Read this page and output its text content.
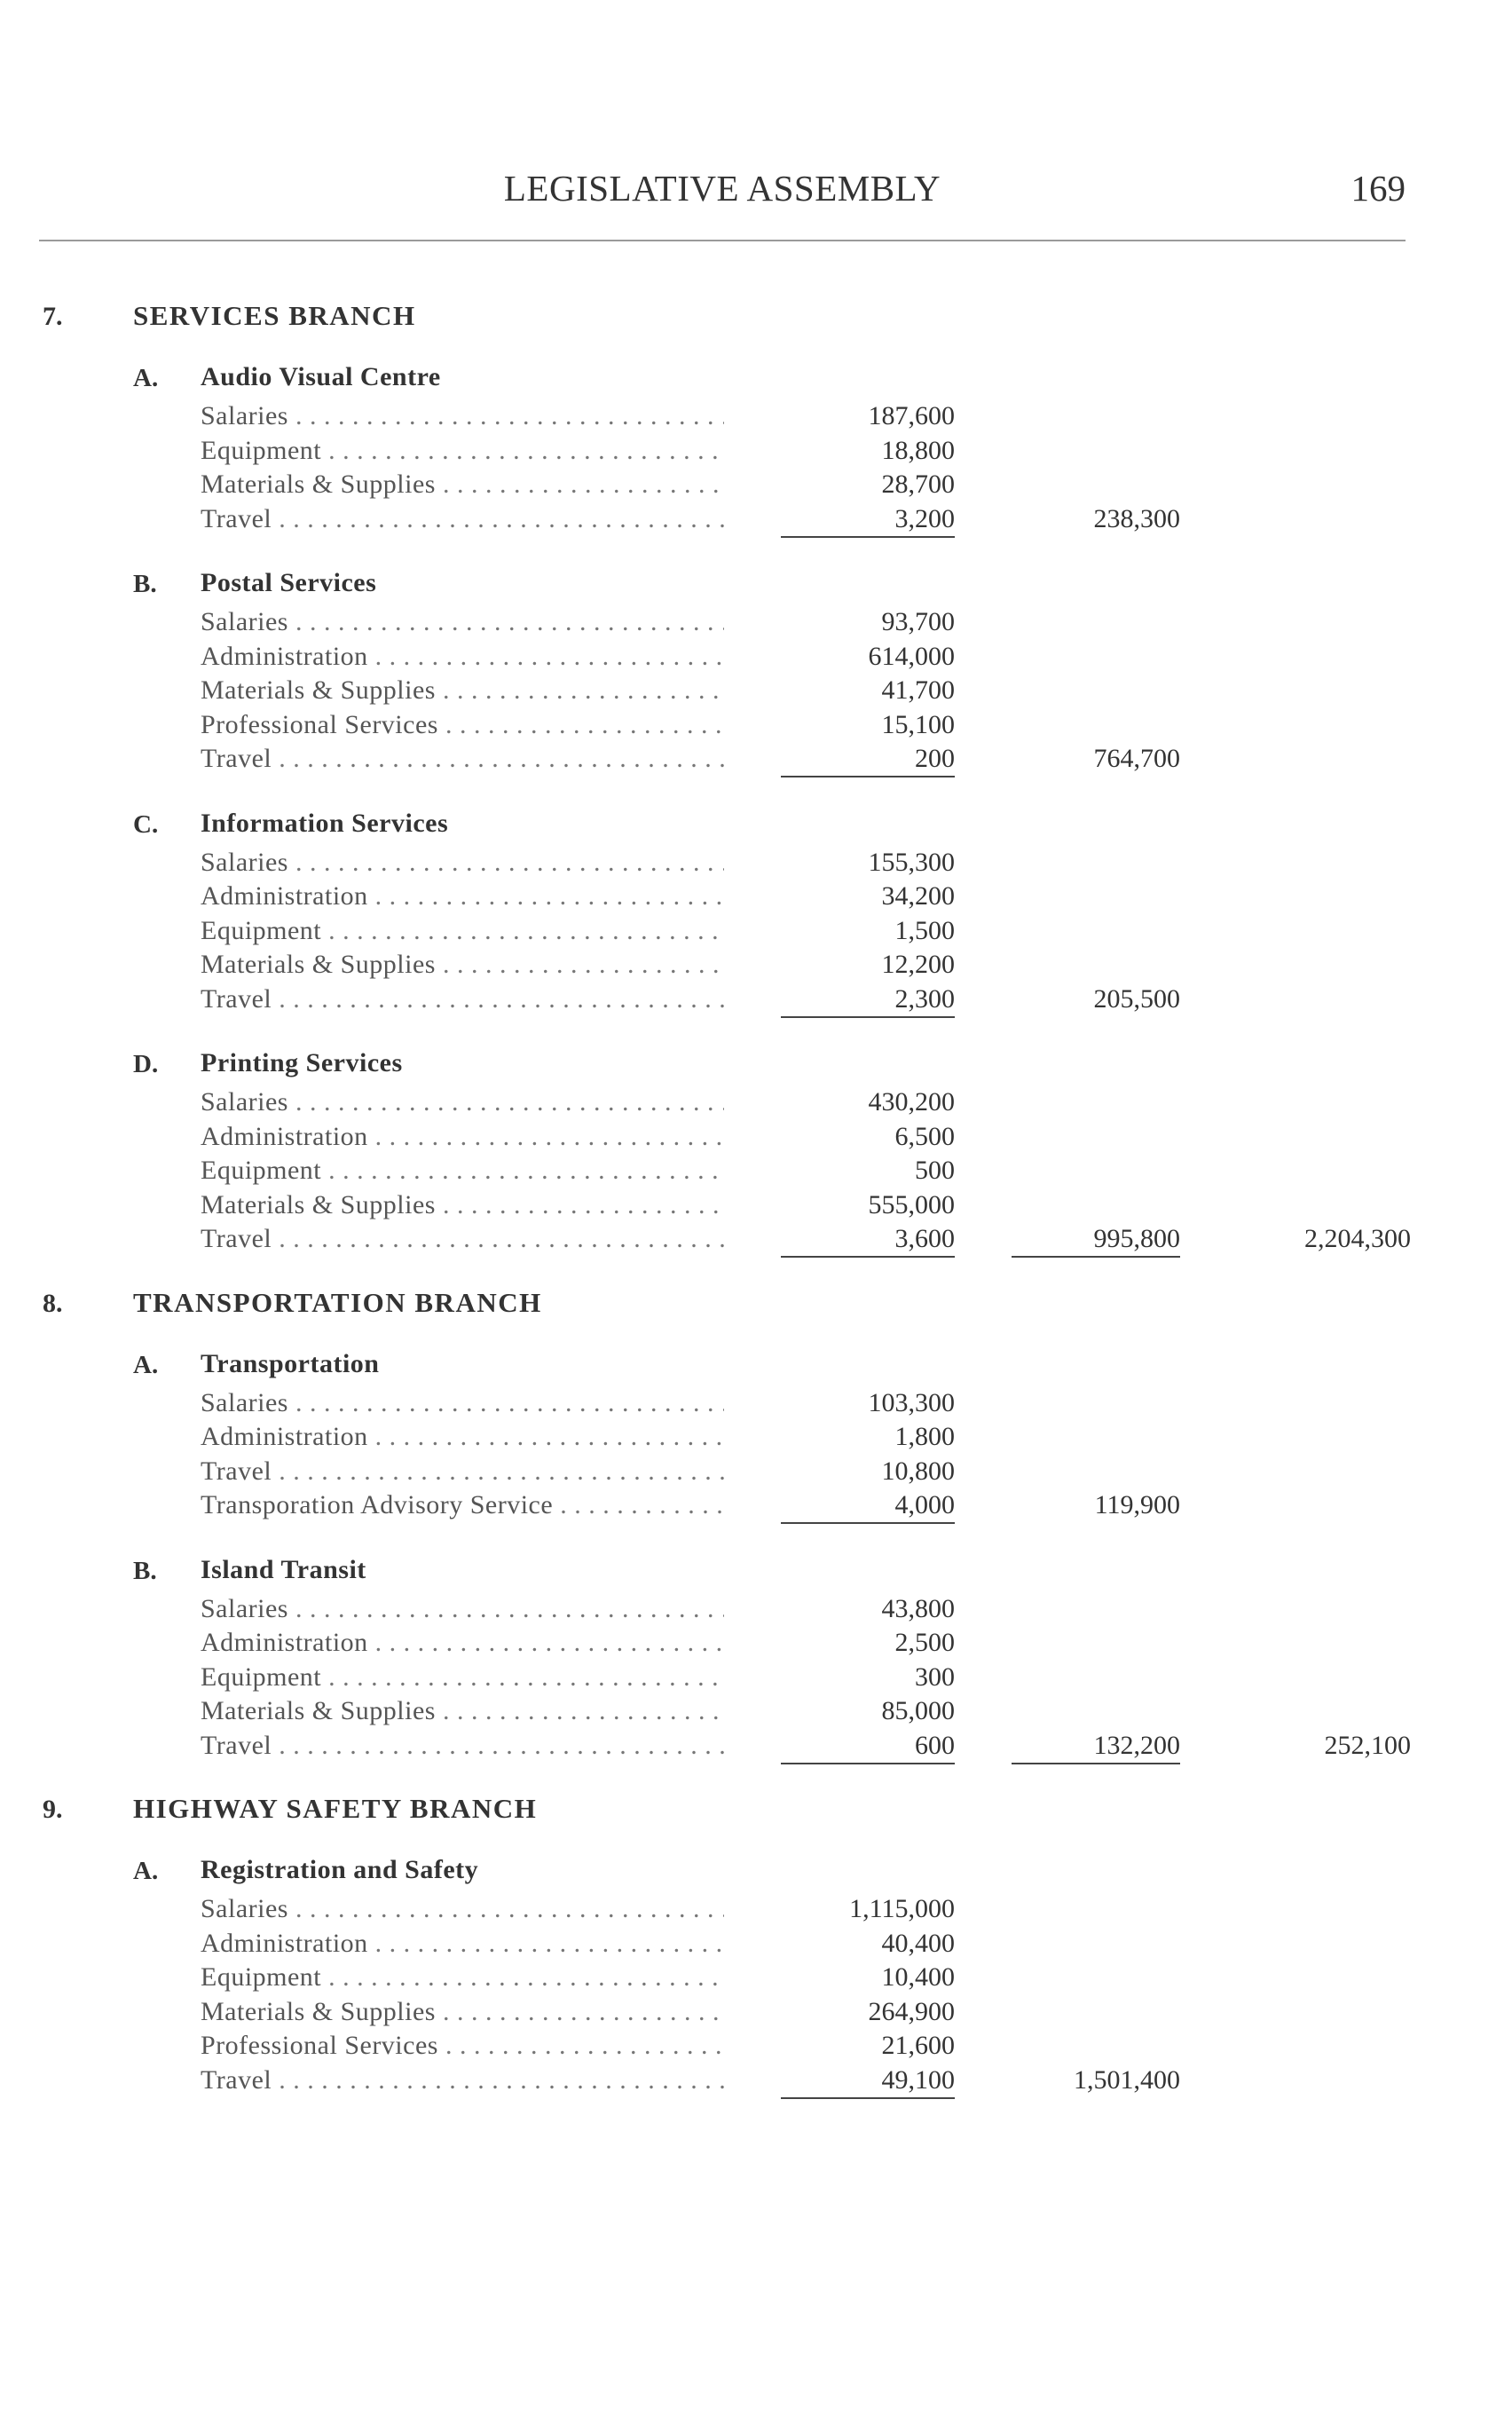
LEGISLATIVE ASSEMBLY	169
7.	SERVICES BRANCH
A. Audio Visual Centre
Salaries . . .	187,600
Equipment . . .	18,800
Materials & Supplies . . .	28,700
Travel . . .	3,200	238,300
B. Postal Services
Salaries . . .	93,700
Administration . . .	614,000
Materials & Supplies . . .	41,700
Professional Services . . .	15,100
Travel . . .	200	764,700
C. Information Services
Salaries . . .	155,300
Administration . . .	34,200
Equipment . . .	1,500
Materials & Supplies . . .	12,200
Travel . . .	2,300	205,500
D. Printing Services
Salaries . . .	430,200
Administration . . .	6,500
Equipment . . .	500
Materials & Supplies . . .	555,000
Travel . . .	3,600	995,800	2,204,300
8.	TRANSPORTATION BRANCH
A. Transportation
Salaries . . .	103,300
Administration . . .	1,800
Travel . . .	10,800
Transporation Advisory Service . . .	4,000	119,900
B. Island Transit
Salaries . . .	43,800
Administration . . .	2,500
Equipment . . .	300
Materials & Supplies . . .	85,000
Travel . . .	600	132,200	252,100
9.	HIGHWAY SAFETY BRANCH
A. Registration and Safety
Salaries . . .	1,115,000
Administration . . .	40,400
Equipment . . .	10,400
Materials & Supplies . . .	264,900
Professional Services . . .	21,600
Travel . . .	49,100	1,501,400
